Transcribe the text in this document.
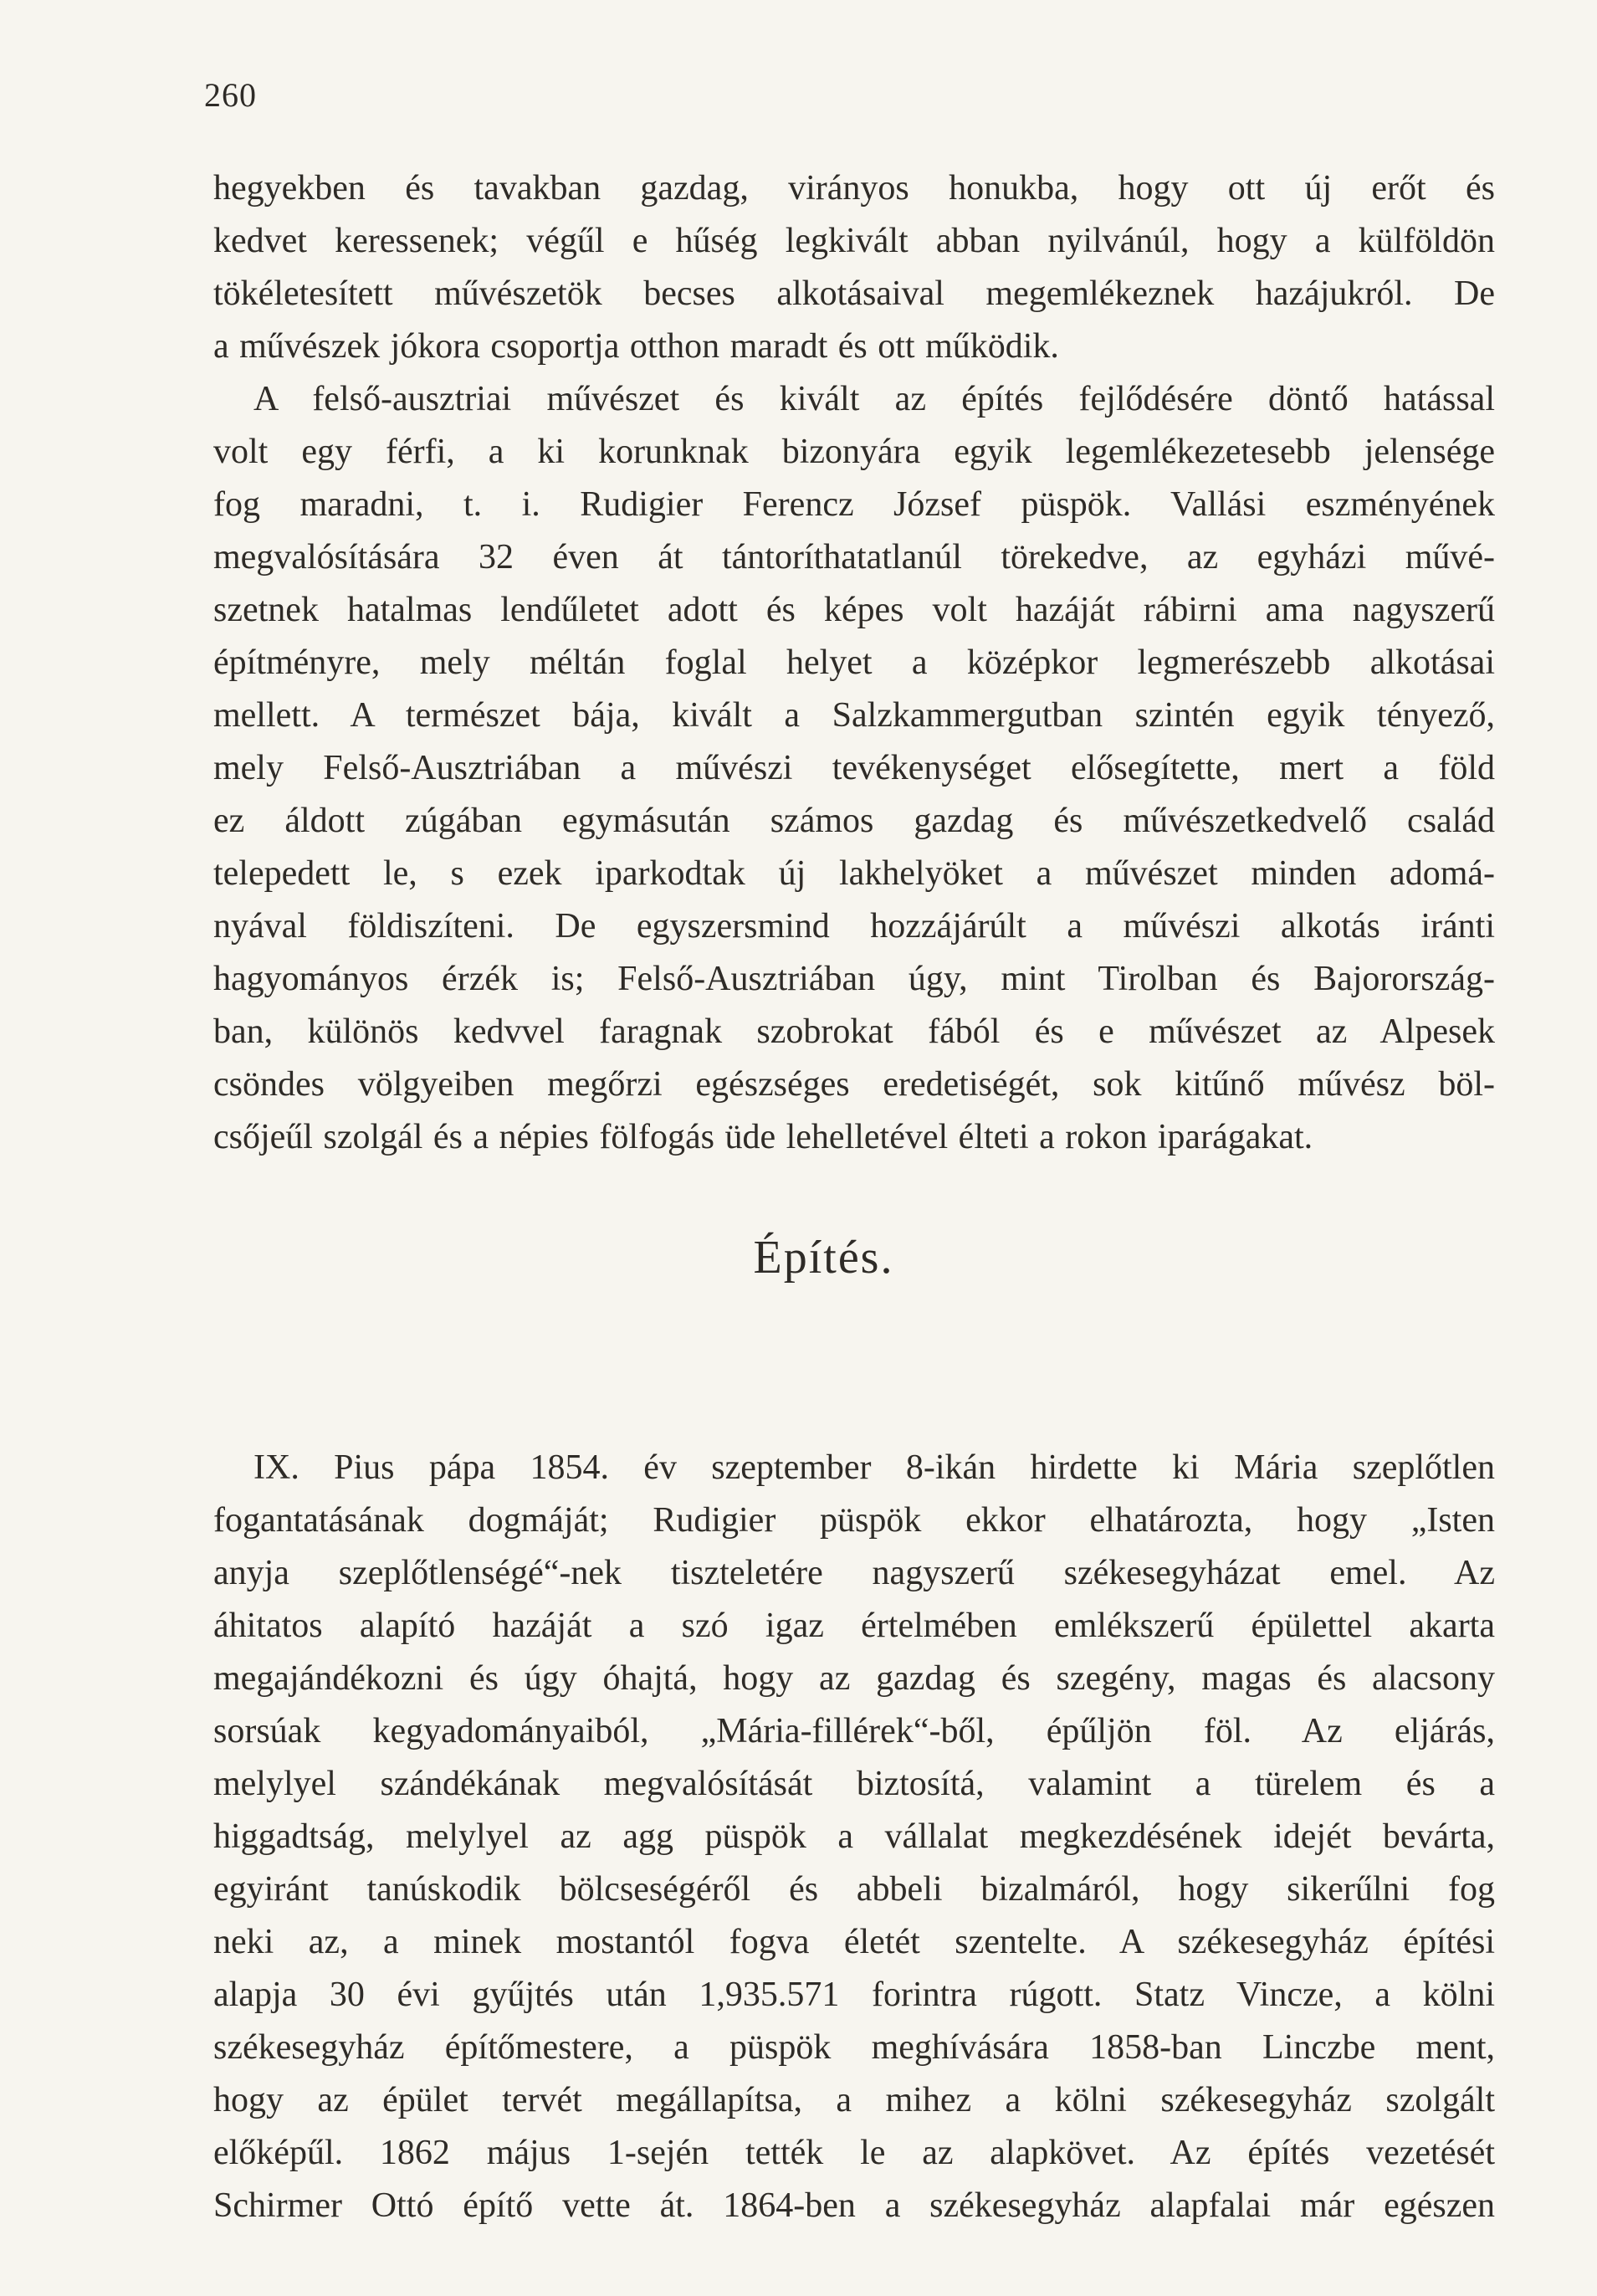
260
hegyekben és tavakban gazdag, virányos honukba, hogy ott új erőt és
kedvet keressenek; végűl e hűség legkivált abban nyilvánúl, hogy a külföldön
tökéletesített művészetök becses alkotásaival megemlékeznek hazájukról. De
a művészek jókora csoportja otthon maradt és ott működik.
A felső-ausztriai művészet és kivált az építés fejlődésére döntő hatással
volt egy férfi, a ki korunknak bizonyára egyik legemlékezetesebb jelensége
fog maradni, t. i. Rudigier Ferencz József püspök. Vallási eszményének
megvalósítására 32 éven át tántoríthatatlanúl törekedve, az egyházi művé-
szetnek hatalmas lendűletet adott és képes volt hazáját rábirni ama nagyszerű
építményre, mely méltán foglal helyet a középkor legmerészebb alkotásai
mellett. A természet bája, kivált a Salzkammergutban szintén egyik tényező,
mely Felső-Ausztriában a művészi tevékenységet elősegítette, mert a föld
ez áldott zúgában egymásután számos gazdag és művészetkedvelő család
telepedett le, s ezek iparkodtak új lakhelyöket a művészet minden adomá-
nyával földiszíteni. De egyszersmind hozzájárúlt a művészi alkotás iránti
hagyományos érzék is; Felső-Ausztriában úgy, mint Tirolban és Bajorország-
ban, különös kedvvel faragnak szobrokat fából és e művészet az Alpesek
csöndes völgyeiben megőrzi egészséges eredetiségét, sok kitűnő művész böl-
csőjeűl szolgál és a népies fölfogás üde lehelletével élteti a rokon iparágakat.
Építés.
IX. Pius pápa 1854. év szeptember 8-ikán hirdette ki Mária szeplőtlen
fogantatásának dogmáját; Rudigier püspök ekkor elhatározta, hogy „Isten
anyja szeplőtlenségé“-nek tiszteletére nagyszerű székesegyházat emel. Az
áhitatos alapító hazáját a szó igaz értelmében emlékszerű épülettel akarta
megajándékozni és úgy óhajtá, hogy az gazdag és szegény, magas és alacsony
sorsúak kegyadományaiból, „Mária-fillérek“-ből, épűljön föl. Az eljárás,
melylyel szándékának megvalósítását biztosítá, valamint a türelem és a
higgadtság, melylyel az agg püspök a vállalat megkezdésének idejét bevárta,
egyiránt tanúskodik bölcseségéről és abbeli bizalmáról, hogy sikerűlni fog
neki az, a minek mostantól fogva életét szentelte. A székesegyház építési
alapja 30 évi gyűjtés után 1,935.571 forintra rúgott. Statz Vincze, a kölni
székesegyház építőmestere, a püspök meghívására 1858-ban Linczbe ment,
hogy az épület tervét megállapítsa, a mihez a kölni székesegyház szolgált
előképűl. 1862 május 1-sején tették le az alapkövet. Az építés vezetését
Schirmer Ottó építő vette át. 1864-ben a székesegyház alapfalai már egészen
